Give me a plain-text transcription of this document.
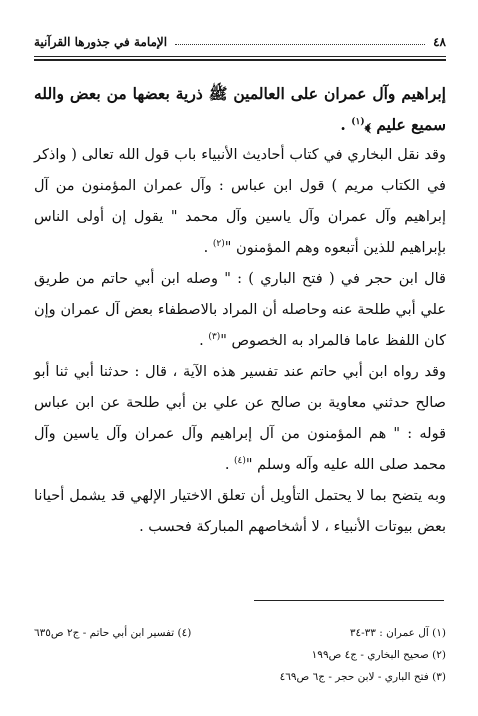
٤٨
الإمامة في جذورها القرآنية

إبراهيم وآل عمران على العالمين ﷺ ذرية بعضها من بعض والله سميع عليم ﴾$^{(١)}$ .

وقد نقل البخاري في كتاب أحاديث الأنبياء باب قول الله تعالى ( واذكر في الكتاب مريم ) قول ابن عباس : وآل عمران المؤمنون من آل إبراهيم وآل عمران وآل ياسين وآل محمد " يقول إن أولى الناس بإبراهيم للذين أتبعوه وهم المؤمنون "$^{(٢)}$ .

قال ابن حجر في ( فتح الباري ) : " وصله ابن أبي حاتم من طريق علي أبي طلحة عنه وحاصله أن المراد بالاصطفاء بعض آل عمران وإن كان اللفظ عاما فالمراد به الخصوص "$^{(٣)}$ .

وقد رواه ابن أبي حاتم عند تفسير هذه الآية ، قال : حدثنا أبي ثنا أبو صالح حدثني معاوية بن صالح عن علي بن أبي طلحة عن ابن عباس قوله : " هم المؤمنون من آل إبراهيم وآل عمران وآل ياسين وآل محمد صلى الله عليه وآله وسلم "$^{(٤)}$ .

وبه يتضح بما لا يحتمل التأويل أن تعلق الاختيار الإلهي قد يشمل أحيانا بعض بيوتات الأنبياء ، لا أشخاصهم المباركة فحسب .

(١) آل عمران : ٣٣-٣٤
(٤) تفسير ابن أبي حاتم - ج٢ ص٦٣٥
(٢) صحيح البخاري - ج٤ ص١٩٩
(٣) فتح الباري - لابن حجر - ج٦ ص٤٦٩
